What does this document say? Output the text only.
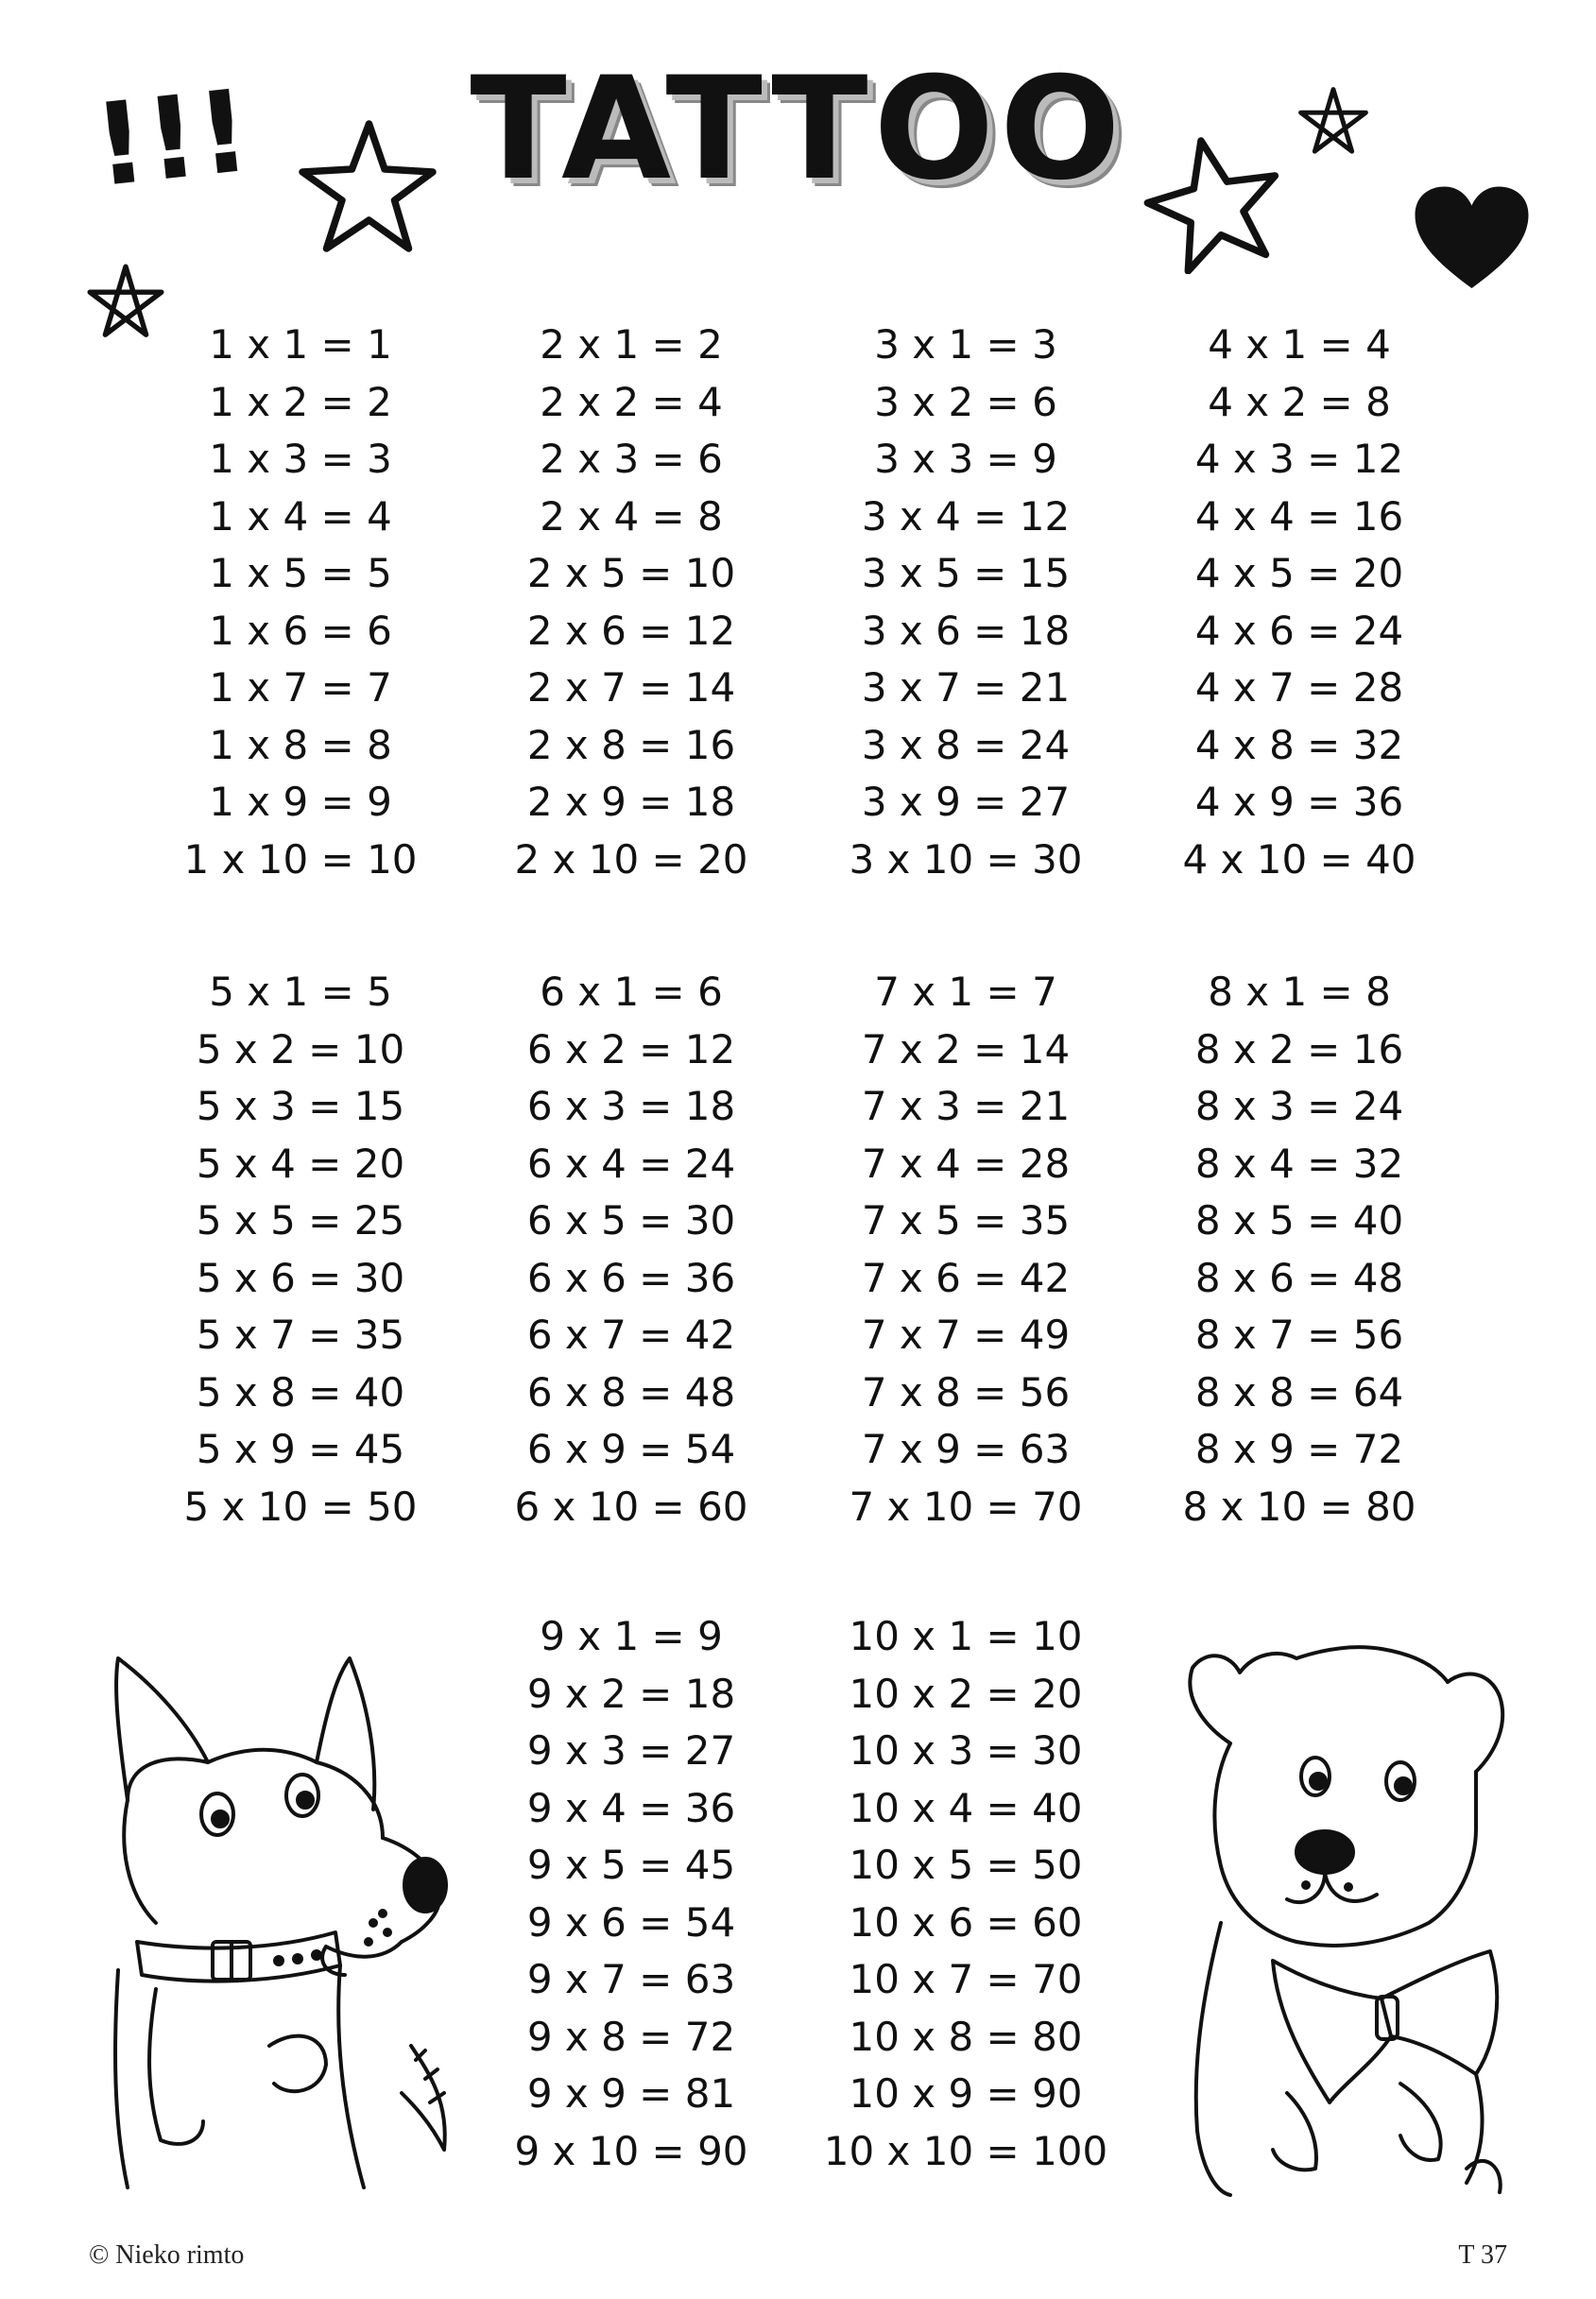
TATTOO
!!!
1 x 1 = 1
1 x 2 = 2
1 x 3 = 3
1 x 4 = 4
1 x 5 = 5
1 x 6 = 6
1 x 7 = 7
1 x 8 = 8
1 x 9 = 9
1 x 10 = 10
2 x 1 = 2
2 x 2 = 4
2 x 3 = 6
2 x 4 = 8
2 x 5 = 10
2 x 6 = 12
2 x 7 = 14
2 x 8 = 16
2 x 9 = 18
2 x 10 = 20
3 x 1 = 3
3 x 2 = 6
3 x 3 = 9
3 x 4 = 12
3 x 5 = 15
3 x 6 = 18
3 x 7 = 21
3 x 8 = 24
3 x 9 = 27
3 x 10 = 30
4 x 1 = 4
4 x 2 = 8
4 x 3 = 12
4 x 4 = 16
4 x 5 = 20
4 x 6 = 24
4 x 7 = 28
4 x 8 = 32
4 x 9 = 36
4 x 10 = 40
5 x 1 = 5
5 x 2 = 10
5 x 3 = 15
5 x 4 = 20
5 x 5 = 25
5 x 6 = 30
5 x 7 = 35
5 x 8 = 40
5 x 9 = 45
5 x 10 = 50
6 x 1 = 6
6 x 2 = 12
6 x 3 = 18
6 x 4 = 24
6 x 5 = 30
6 x 6 = 36
6 x 7 = 42
6 x 8 = 48
6 x 9 = 54
6 x 10 = 60
7 x 1 = 7
7 x 2 = 14
7 x 3 = 21
7 x 4 = 28
7 x 5 = 35
7 x 6 = 42
7 x 7 = 49
7 x 8 = 56
7 x 9 = 63
7 x 10 = 70
8 x 1 = 8
8 x 2 = 16
8 x 3 = 24
8 x 4 = 32
8 x 5 = 40
8 x 6 = 48
8 x 7 = 56
8 x 8 = 64
8 x 9 = 72
8 x 10 = 80
9 x 1 = 9
9 x 2 = 18
9 x 3 = 27
9 x 4 = 36
9 x 5 = 45
9 x 6 = 54
9 x 7 = 63
9 x 8 = 72
9 x 9 = 81
9 x 10 = 90
10 x 1 = 10
10 x 2 = 20
10 x 3 = 30
10 x 4 = 40
10 x 5 = 50
10 x 6 = 60
10 x 7 = 70
10 x 8 = 80
10 x 9 = 90
10 x 10 = 100
© Nieko rimto	T 37
